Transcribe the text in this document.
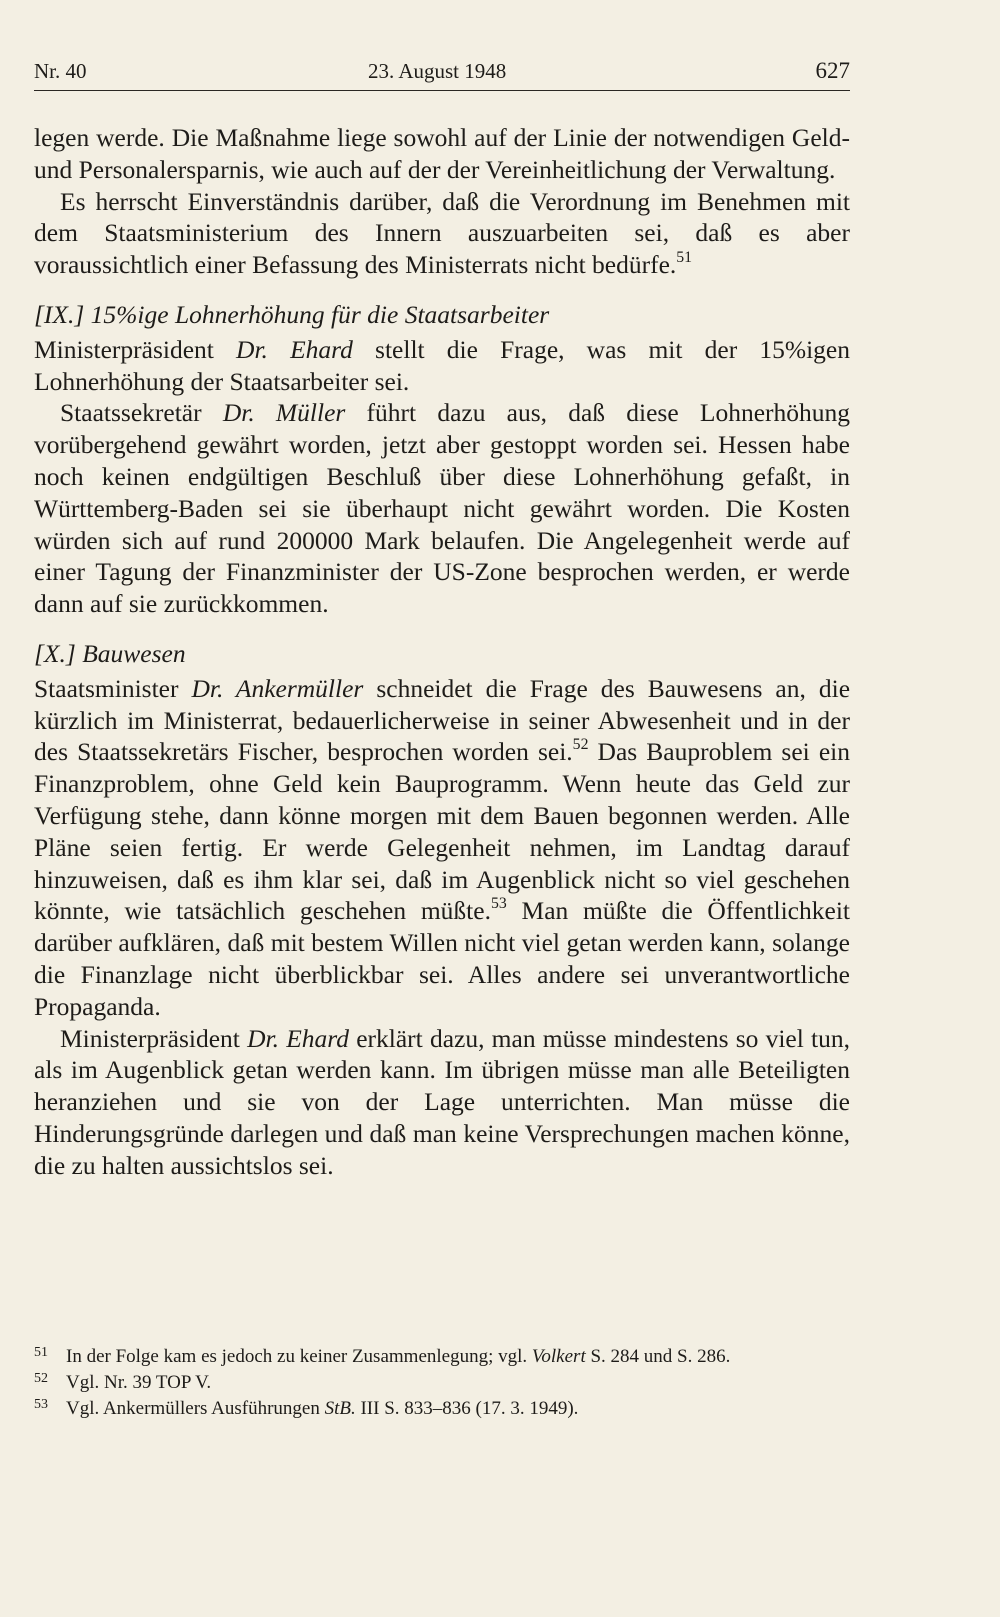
Nr. 40	23. August 1948	627

legen werde. Die Maßnahme liege sowohl auf der Linie der notwendigen Geld- und Personalersparnis, wie auch auf der der Vereinheitlichung der Verwaltung.

Es herrscht Einverständnis darüber, daß die Verordnung im Benehmen mit dem Staatsministerium des Innern auszuarbeiten sei, daß es aber voraussichtlich einer Befassung des Ministerrats nicht bedürfe.$^{51}$

[IX.] 15%ige Lohnerhöhung für die Staatsarbeiter

Ministerpräsident Dr. Ehard stellt die Frage, was mit der 15%igen Lohnerhöhung der Staatsarbeiter sei.

Staatssekretär Dr. Müller führt dazu aus, daß diese Lohnerhöhung vorübergehend gewährt worden, jetzt aber gestoppt worden sei. Hessen habe noch keinen endgültigen Beschluß über diese Lohnerhöhung gefaßt, in Württemberg-Baden sei sie überhaupt nicht gewährt worden. Die Kosten würden sich auf rund 200000 Mark belaufen. Die Angelegenheit werde auf einer Tagung der Finanzminister der US-Zone besprochen werden, er werde dann auf sie zurückkommen.

[X.] Bauwesen

Staatsminister Dr. Ankermüller schneidet die Frage des Bauwesens an, die kürzlich im Ministerrat, bedauerlicherweise in seiner Abwesenheit und in der des Staatssekretärs Fischer, besprochen worden sei.$^{52}$ Das Bauproblem sei ein Finanzproblem, ohne Geld kein Bauprogramm. Wenn heute das Geld zur Verfügung stehe, dann könne morgen mit dem Bauen begonnen werden. Alle Pläne seien fertig. Er werde Gelegenheit nehmen, im Landtag darauf hinzuweisen, daß es ihm klar sei, daß im Augenblick nicht so viel geschehen könnte, wie tatsächlich geschehen müßte.$^{53}$ Man müßte die Öffentlichkeit darüber aufklären, daß mit bestem Willen nicht viel getan werden kann, solange die Finanzlage nicht überblickbar sei. Alles andere sei unverantwortliche Propaganda.

Ministerpräsident Dr. Ehard erklärt dazu, man müsse mindestens so viel tun, als im Augenblick getan werden kann. Im übrigen müsse man alle Beteiligten heranziehen und sie von der Lage unterrichten. Man müsse die Hinderungsgründe darlegen und daß man keine Versprechungen machen könne, die zu halten aussichtslos sei.

51 In der Folge kam es jedoch zu keiner Zusammenlegung; vgl. Volkert S. 284 und S. 286.

52 Vgl. Nr. 39 TOP V.

53 Vgl. Ankermüllers Ausführungen StB. III S. 833–836 (17. 3. 1949).
